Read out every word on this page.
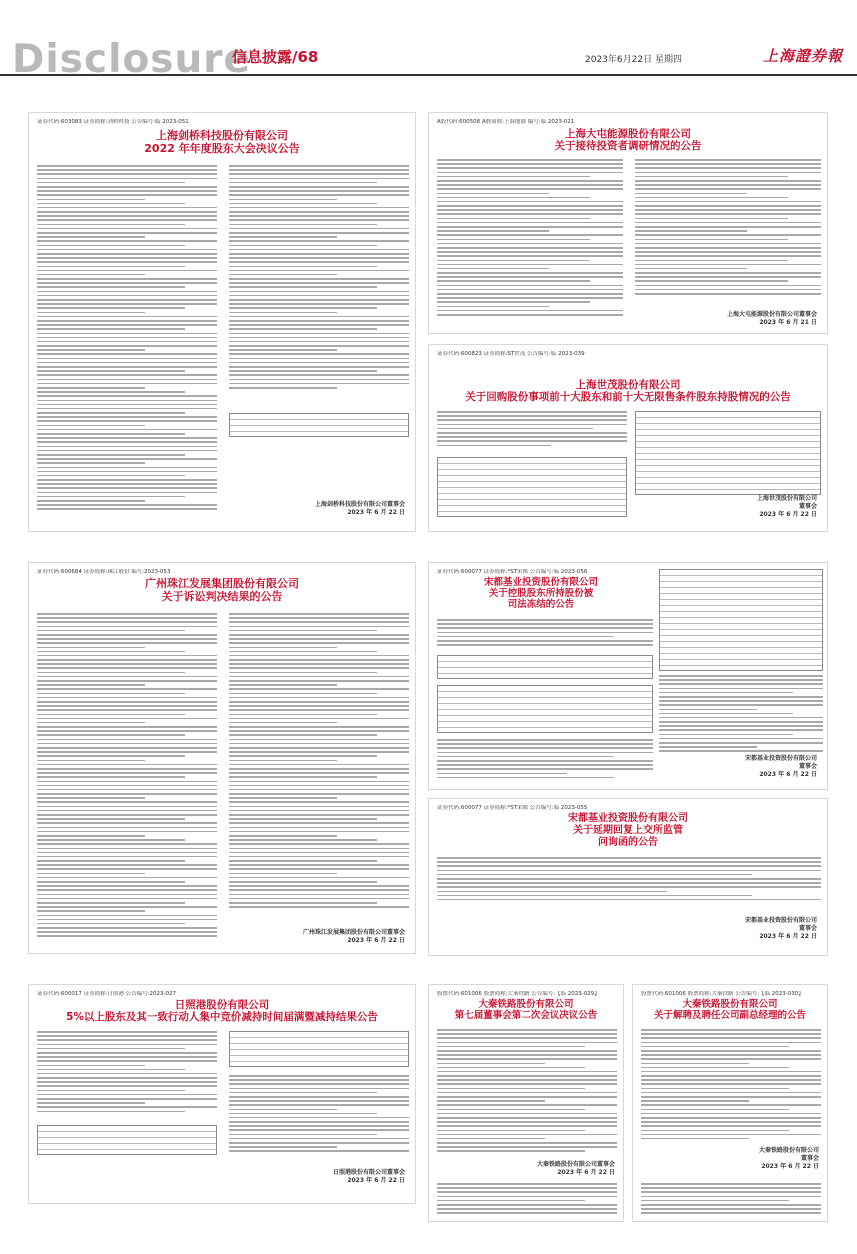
Disclosure
信息披露/68	2023年6月22日 星期四	上海證券報
证券代码:603083 证券简称:剑桥科技 公告编号:临 2023-051
上海剑桥科技股份有限公司
2022 年年度股东大会决议公告
上海剑桥科技股份有限公司董事会
2023 年 6 月 22 日
A股代码:600508 A股简称:上海能源 编号:临 2023-021
上海大屯能源股份有限公司
关于接待投资者调研情况的公告
上海大屯能源股份有限公司董事会
2023 年 6 月 21 日
证券代码:600823 证券简称:ST世茂 公告编号:临 2023-039
上海世茂股份有限公司
关于回购股份事项前十大股东和前十大无限售条件股东持股情况的公告
上海世茂股份有限公司
董事会
2023 年 6 月 22 日
证券代码:600684 证券简称:珠江股份 编号:2023-053
广州珠江发展集团股份有限公司
关于诉讼判决结果的公告
广州珠江发展集团股份有限公司董事会
2023 年 6 月 22 日
证券代码:600077 证券简称:*ST宋都 公告编号:临 2023-056
宋都基业投资股份有限公司
关于控股股东所持股份被
司法冻结的公告
宋都基业投资股份有限公司
董事会
2023 年 6 月 22 日
证券代码:600077 证券简称:*ST宋都 公告编号:临 2023-055
宋都基业投资股份有限公司
关于延期回复上交所监管
问询函的公告
宋都基业投资股份有限公司
董事会
2023 年 6 月 22 日
证券代码:600017 证券简称:日照港 公告编号:2023-027
日照港股份有限公司
5%以上股东及其一致行动人集中竞价减持时间届满暨减持结果公告
日照港股份有限公司董事会
2023 年 6 月 22 日
股票代码:601006 股票简称:大秦铁路 公告编号:【临 2023-029】
大秦铁路股份有限公司
第七届董事会第二次会议决议公告
大秦铁路股份有限公司董事会
2023 年 6 月 22 日
股票代码:601006 股票简称:大秦铁路 公告编号:【临 2023-030】
大秦铁路股份有限公司
关于解聘及聘任公司副总经理的公告
大秦铁路股份有限公司
董事会
2023 年 6 月 22 日
